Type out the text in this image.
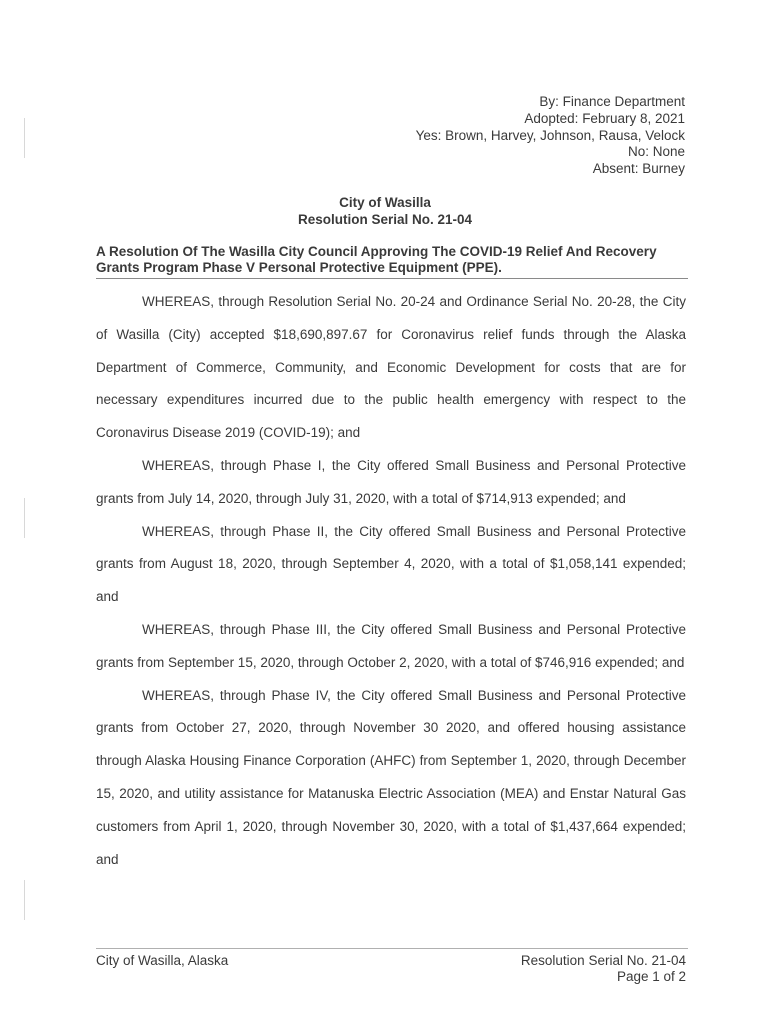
By: Finance Department
Adopted: February 8, 2021
Yes: Brown, Harvey, Johnson, Rausa, Velock
No: None
Absent: Burney
City of Wasilla
Resolution Serial No. 21-04
A Resolution Of The Wasilla City Council Approving The COVID-19 Relief And Recovery Grants Program Phase V Personal Protective Equipment (PPE).

WHEREAS, through Resolution Serial No. 20-24 and Ordinance Serial No. 20-28, the City of Wasilla (City) accepted $18,690,897.67 for Coronavirus relief funds through the Alaska Department of Commerce, Community, and Economic Development for costs that are for necessary expenditures incurred due to the public health emergency with respect to the Coronavirus Disease 2019 (COVID-19); and

WHEREAS, through Phase I, the City offered Small Business and Personal Protective grants from July 14, 2020, through July 31, 2020, with a total of $714,913 expended; and

WHEREAS, through Phase II, the City offered Small Business and Personal Protective grants from August 18, 2020, through September 4, 2020, with a total of $1,058,141 expended; and

WHEREAS, through Phase III, the City offered Small Business and Personal Protective grants from September 15, 2020, through October 2, 2020, with a total of $746,916 expended; and

WHEREAS, through Phase IV, the City offered Small Business and Personal Protective grants from October 27, 2020, through November 30 2020, and offered housing assistance through Alaska Housing Finance Corporation (AHFC) from September 1, 2020, through December 15, 2020, and utility assistance for Matanuska Electric Association (MEA) and Enstar Natural Gas customers from April 1, 2020, through November 30, 2020, with a total of $1,437,664 expended; and

City of Wasilla, Alaska	Resolution Serial No. 21-04
Page 1 of 2
